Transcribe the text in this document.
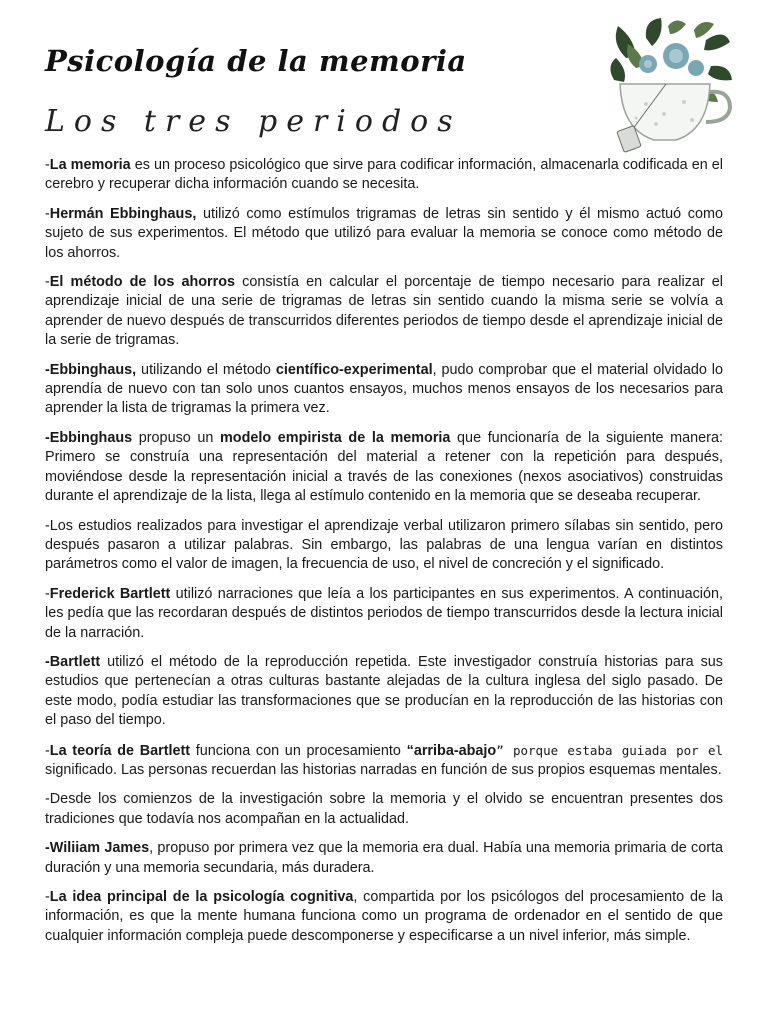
Psicología de la memoria
Los tres periodos

-La memoria es un proceso psicológico que sirve para codificar información, almacenarla codificada en el cerebro y recuperar dicha información cuando se necesita.

-Hermán Ebbinghaus, utilizó como estímulos trigramas de letras sin sentido y él mismo actuó como sujeto de sus experimentos. El método que utilizó para evaluar la memoria se conoce como método de los ahorros.

-El método de los ahorros consistía en calcular el porcentaje de tiempo necesario para realizar el aprendizaje inicial de una serie de trigramas de letras sin sentido cuando la misma serie se volvía a aprender de nuevo después de transcurridos diferentes periodos de tiempo desde el aprendizaje inicial de la serie de trigramas.

-Ebbinghaus, utilizando el método científico-experimental, pudo comprobar que el material olvidado lo aprendía de nuevo con tan solo unos cuantos ensayos, muchos menos ensayos de los necesarios para aprender la lista de trigramas la primera vez.

-Ebbinghaus propuso un modelo empirista de la memoria que funcionaría de la siguiente manera: Primero se construía una representación del material a retener con la repetición para después, moviéndose desde la representación inicial a través de las conexiones (nexos asociativos) construidas durante el aprendizaje de la lista, llega al estímulo contenido en la memoria que se deseaba recuperar.

-Los estudios realizados para investigar el aprendizaje verbal utilizaron primero sílabas sin sentido, pero después pasaron a utilizar palabras. Sin embargo, las palabras de una lengua varían en distintos parámetros como el valor de imagen, la frecuencia de uso, el nivel de concreción y el significado.

-Frederick Bartlett utilizó narraciones que leía a los participantes en sus experimentos. A continuación, les pedía que las recordaran después de distintos periodos de tiempo transcurridos desde la lectura inicial de la narración.

-Bartlett utilizó el método de la reproducción repetida. Este investigador construía historias para sus estudios que pertenecían a otras culturas bastante alejadas de la cultura inglesa del siglo pasado. De este modo, podía estudiar las transformaciones que se producían en la reproducción de las historias con el paso del tiempo.

-La teoría de Bartlett funciona con un procesamiento “arriba-abajo” porque estaba guiada por el significado. Las personas recuerdan las historias narradas en función de sus propios esquemas mentales.

-Desde los comienzos de la investigación sobre la memoria y el olvido se encuentran presentes dos tradiciones que todavía nos acompañan en la actualidad.

-Wiliiam James, propuso por primera vez que la memoria era dual. Había una memoria primaria de corta duración y una memoria secundaria, más duradera.

-La idea principal de la psicología cognitiva, compartida por los psicólogos del procesamiento de la información, es que la mente humana funciona como un programa de ordenador en el sentido de que cualquier información compleja puede descomponerse y especificarse a un nivel inferior, más simple.
